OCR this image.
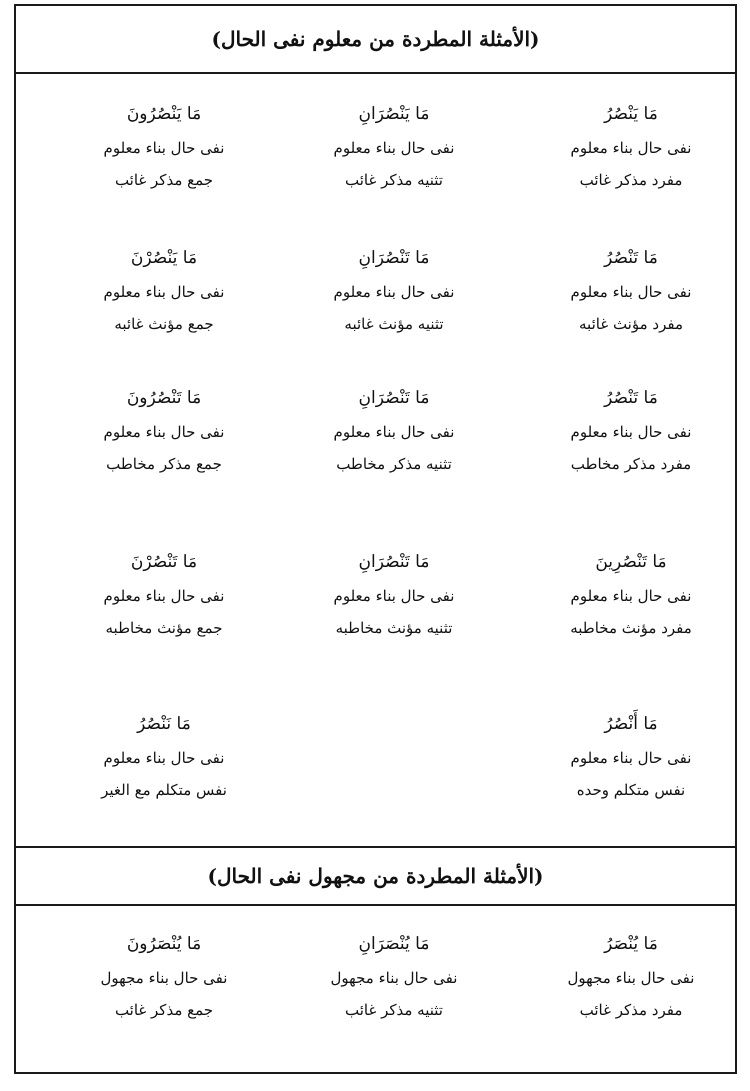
(الأمثلة المطردة من معلوم نفى الحال)
مَا يَنْصُرُ
نفى حال بناء معلوم
مفرد مذكر غائب
مَا يَنْصُرَانِ
نفى حال بناء معلوم
تثنيه مذكر غائب
مَا يَنْصُرُونَ
نفى حال بناء معلوم
جمع مذكر غائب
مَا تَنْصُرُ
نفى حال بناء معلوم
مفرد مؤنث غائبه
مَا تَنْصُرَانِ
نفى حال بناء معلوم
تثنيه مؤنث غائبه
مَا يَنْصُرْنَ
نفى حال بناء معلوم
جمع مؤنث غائبه
مَا تَنْصُرُ
نفى حال بناء معلوم
مفرد مذكر مخاطب
مَا تَنْصُرَانِ
نفى حال بناء معلوم
تثنيه مذكر مخاطب
مَا تَنْصُرُونَ
نفى حال بناء معلوم
جمع مذكر مخاطب
مَا تَنْصُرِينَ
نفى حال بناء معلوم
مفرد مؤنث مخاطبه
مَا تَنْصُرَانِ
نفى حال بناء معلوم
تثنيه مؤنث مخاطبه
مَا تَنْصُرْنَ
نفى حال بناء معلوم
جمع مؤنث مخاطبه
مَا أَنْصُرُ
نفى حال بناء معلوم
نفس متكلم وحده
مَا نَنْصُرُ
نفى حال بناء معلوم
نفس متكلم مع الغير
(الأمثلة المطردة من مجهول نفى الحال)
مَا يُنْصَرُ
نفى حال بناء مجهول
مفرد مذكر غائب
مَا يُنْصَرَانِ
نفى حال بناء مجهول
تثنيه مذكر غائب
مَا يُنْصَرُونَ
نفى حال بناء مجهول
جمع مذكر غائب
